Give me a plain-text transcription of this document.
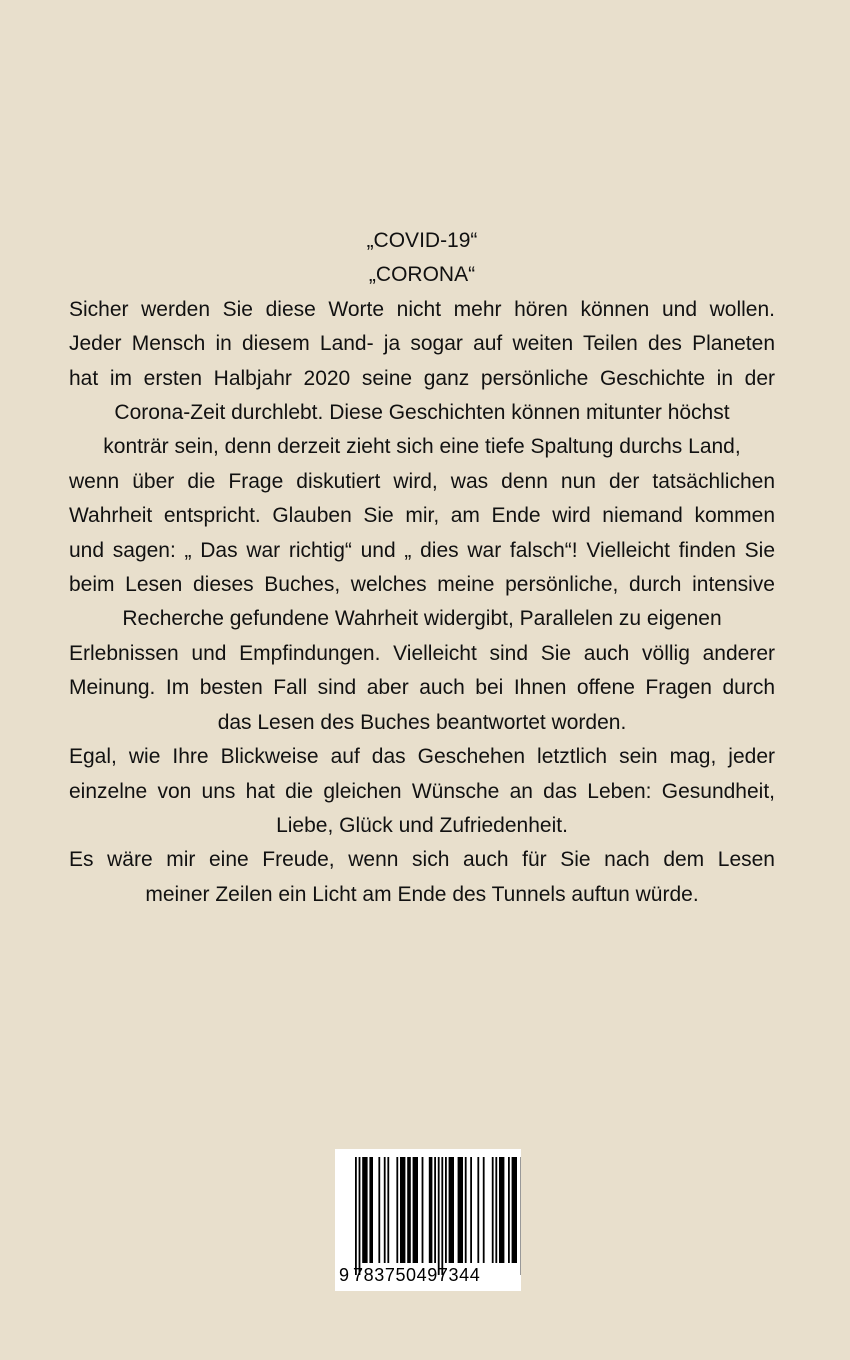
„COVID-19“
„CORONA“
Sicher werden Sie diese Worte nicht mehr hören können und wollen.
Jeder Mensch in diesem Land- ja sogar auf weiten Teilen des Planeten
hat im ersten Halbjahr 2020 seine ganz persönliche Geschichte in der
Corona-Zeit durchlebt. Diese Geschichten können mitunter höchst
konträr sein, denn derzeit zieht sich eine tiefe Spaltung durchs Land,
wenn über die Frage diskutiert wird, was denn nun der tatsächlichen
Wahrheit entspricht. Glauben Sie mir, am Ende wird niemand kommen
und sagen: „ Das war richtig“ und „ dies war falsch“! Vielleicht finden Sie
beim Lesen dieses Buches, welches meine persönliche, durch intensive
Recherche gefundene Wahrheit widergibt, Parallelen zu eigenen
Erlebnissen und Empfindungen. Vielleicht sind Sie auch völlig anderer
Meinung. Im besten Fall sind aber auch bei Ihnen offene Fragen durch
das Lesen des Buches beantwortet worden.
Egal, wie Ihre Blickweise auf das Geschehen letztlich sein mag, jeder
einzelne von uns hat die gleichen Wünsche an das Leben: Gesundheit,
Liebe, Glück und Zufriedenheit.
Es wäre mir eine Freude, wenn sich auch für Sie nach dem Lesen
meiner Zeilen ein Licht am Ende des Tunnels auftun würde.
9 783750497344
